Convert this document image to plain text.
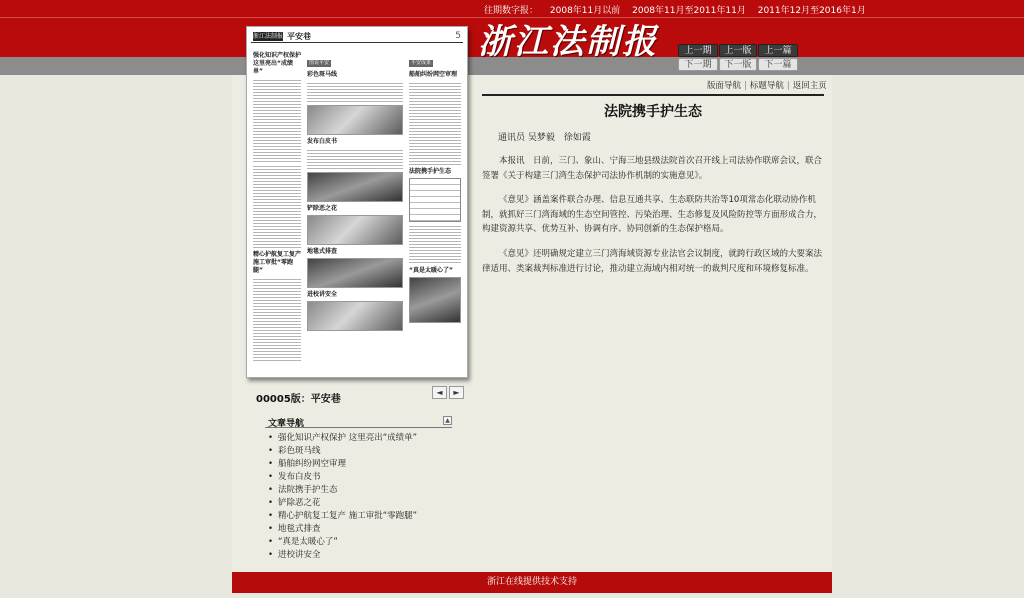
往期数字报： 2008年11月以前 2008年11月至2011年11月 2011年12月至2016年1月
浙江法制报	上一期	上一版	上一篇
下一期	下一版	下一篇
浙江法制报 平安巷	5
强化知识产权保护 这里亮出“成绩单”
精心护航复工复产 施工审批“零跑腿”
图说平安
彩色斑马线
发布白皮书
铲除恶之花
地毯式排查
进校讲安全
平安成果
船舶纠纷网空审理
法院携手护生态
“真是太暖心了”
00005版：平安巷
◄	►
文章导航	▲
• 强化知识产权保护 这里亮出“成绩单”
• 彩色斑马线
• 船舶纠纷网空审理
• 发布白皮书
• 法院携手护生态
• 铲除恶之花
• 精心护航复工复产 施工审批“零跑腿”
• 地毯式排查
• “真是太暖心了”
• 进校讲安全
版面导航 | 标题导航 | 返回主页
法院携手护生态
通讯员 吴梦毅　徐如霞

本报讯　日前，三门、象山、宁海三地县级法院首次召开线上司法协作联席会议，联合签署《关于构建三门湾生态保护司法协作机制的实施意见》。

《意见》涵盖案件联合办理、信息互通共享、生态联防共治等10项常态化联动协作机制，就抓好三门湾海域的生态空间管控、污染治理、生态修复及风险防控等方面形成合力，构建资源共享、优势互补、协调有序、协同创新的生态保护格局。

《意见》还明确规定建立三门湾海域资源专业法官会议制度，就跨行政区域的大要案法律适用、类案裁判标准进行讨论，推动建立海域内相对统一的裁判尺度和环境修复标准。

浙江在线提供技术支持
